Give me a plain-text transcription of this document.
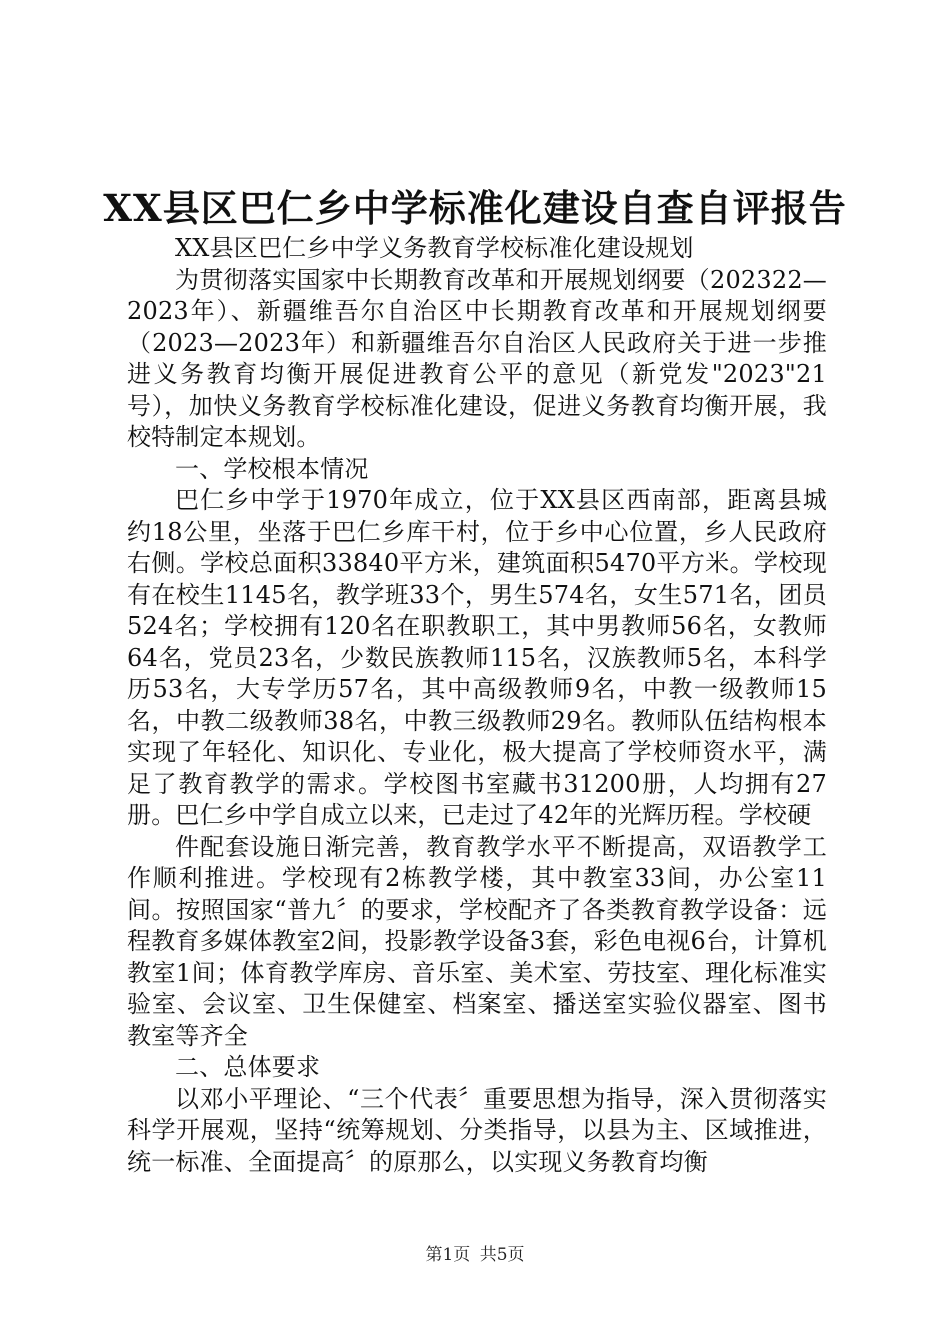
XX县区巴仁乡中学标准化建设自查自评报告

XX县区巴仁乡中学义务教育学校标准化建设规划

为贯彻落实国家中长期教育改革和开展规划纲要（202322—2023年）、新疆维吾尔自治区中长期教育改革和开展规划纲要（2023—2023年）和新疆维吾尔自治区人民政府关于进一步推进义务教育均衡开展促进教育公平的意见（新党发"2023"21号），加快义务教育学校标准化建设，促进义务教育均衡开展，我校特制定本规划。

一、学校根本情况

巴仁乡中学于1970年成立，位于XX县区西南部，距离县城约18公里，坐落于巴仁乡库干村，位于乡中心位置，乡人民政府右侧。学校总面积33840平方米，建筑面积5470平方米。学校现有在校生1145名，教学班33个，男生574名，女生571名，团员524名；学校拥有120名在职教职工，其中男教师56名，女教师64名，党员23名，少数民族教师115名，汉族教师5名，本科学历53名，大专学历57名，其中高级教师9名，中教一级教师15名，中教二级教师38名，中教三级教师29名。教师队伍结构根本实现了年轻化、知识化、专业化，极大提高了学校师资水平，满足了教育教学的需求。学校图书室藏书31200册，人均拥有27册。巴仁乡中学自成立以来，已走过了42年的光辉历程。学校硬

件配套设施日渐完善，教育教学水平不断提高，双语教学工作顺利推进。学校现有2栋教学楼，其中教室33间，办公室11间。按照国家“普九〞的要求，学校配齐了各类教育教学设备：远程教育多媒体教室2间，投影教学设备3套，彩色电视6台，计算机教室1间；体育教学库房、音乐室、美术室、劳技室、理化标准实验室、会议室、卫生保健室、档案室、播送室实验仪器室、图书教室等齐全

二、总体要求

以邓小平理论、“三个代表〞重要思想为指导，深入贯彻落实科学开展观，坚持“统筹规划、分类指导，以县为主、区域推进，统一标准、全面提高〞的原那么，以实现义务教育均衡

第1页 共5页
